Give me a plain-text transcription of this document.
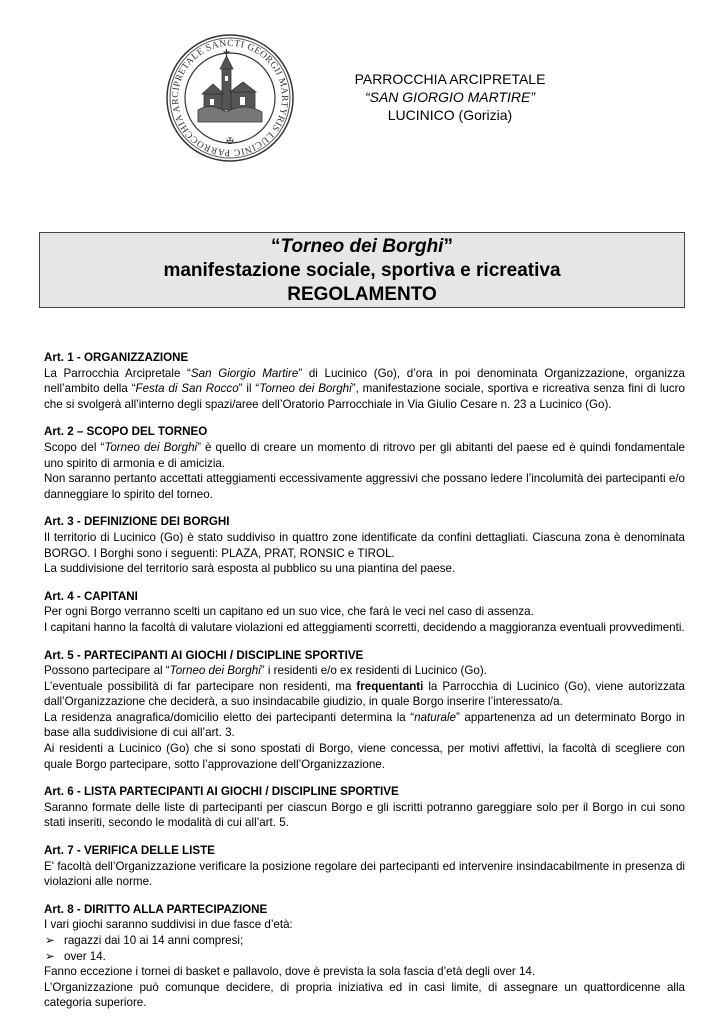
PARROCCHIA ARCIPRETALE SANCTI GEORGII MARTYRIS LUCINIC
✠
PARROCCHIA ARCIPRETALE
“SAN GIORGIO MARTIRE”
LUCINICO (Gorizia)
“Torneo dei Borghi”
manifestazione sociale, sportiva e ricreativa
REGOLAMENTO
Art. 1 - ORGANIZZAZIONE
La Parrocchia Arcipretale “San Giorgio Martire” di Lucinico (Go), d’ora in poi denominata Organizzazione, organizza nell’ambito della “Festa di San Rocco” il “Torneo dei Borghi”, manifestazione sociale, sportiva e ricreativa senza fini di lucro che si svolgerà all’interno degli spazi/aree dell’Oratorio Parrocchiale in Via Giulio Cesare n. 23 a Lucinico (Go).
Art. 2 – SCOPO DEL TORNEO
Scopo del “Torneo dei Borghi” è quello di creare un momento di ritrovo per gli abitanti del paese ed è quindi fondamentale uno spirito di armonia e di amicizia.
Non saranno pertanto accettati atteggiamenti eccessivamente aggressivi che possano ledere l’incolumità dei partecipanti e/o danneggiare lo spirito del torneo.
Art. 3 - DEFINIZIONE DEI BORGHI
Il territorio di Lucinico (Go) è stato suddiviso in quattro zone identificate da confini dettagliati. Ciascuna zona è denominata BORGO. I Borghi sono i seguenti: PLAZA, PRAT, RONSIC e TIROL.
La suddivisione del territorio sarà esposta al pubblico su una piantina del paese.
Art. 4 - CAPITANI
Per ogni Borgo verranno scelti un capitano ed un suo vice, che farà le veci nel caso di assenza.
I capitani hanno la facoltà di valutare violazioni ed atteggiamenti scorretti, decidendo a maggioranza eventuali provvedimenti.
Art. 5 - PARTECIPANTI AI GIOCHI / DISCIPLINE SPORTIVE
Possono partecipare al “Torneo dei Borghi” i residenti e/o ex residenti di Lucinico (Go).
L’eventuale possibilità di far partecipare non residenti, ma frequentanti la Parrocchia di Lucinico (Go), viene autorizzata dall’Organizzazione che deciderà, a suo insindacabile giudizio, in quale Borgo inserire l’interessato/a.
La residenza anagrafica/domicilio eletto dei partecipanti determina la “naturale” appartenenza ad un determinato Borgo in base alla suddivisione di cui all’art. 3.
Ai residenti a Lucinico (Go) che si sono spostati di Borgo, viene concessa, per motivi affettivi, la facoltà di scegliere con quale Borgo partecipare, sotto l’approvazione dell’Organizzazione.
Art. 6 - LISTA PARTECIPANTI AI GIOCHI / DISCIPLINE SPORTIVE
Saranno formate delle liste di partecipanti per ciascun Borgo e gli iscritti potranno gareggiare solo per il Borgo in cui sono stati inseriti, secondo le modalità di cui all’art. 5.
Art. 7 - VERIFICA DELLE LISTE
E' facoltà dell’Organizzazione verificare la posizione regolare dei partecipanti ed intervenire insindacabilmente in presenza di violazioni alle norme.
Art. 8 - DIRITTO ALLA PARTECIPAZIONE
I vari giochi saranno suddivisi in due fasce d’età:
➢ ragazzi dai 10 ai 14 anni compresi;
➢ over 14.
Fanno eccezione i tornei di basket e pallavolo, dove è prevista la sola fascia d’età degli over 14.
L’Organizzazione può comunque decidere, di propria iniziativa ed in casi limite, di assegnare un quattordicenne alla categoria superiore.
